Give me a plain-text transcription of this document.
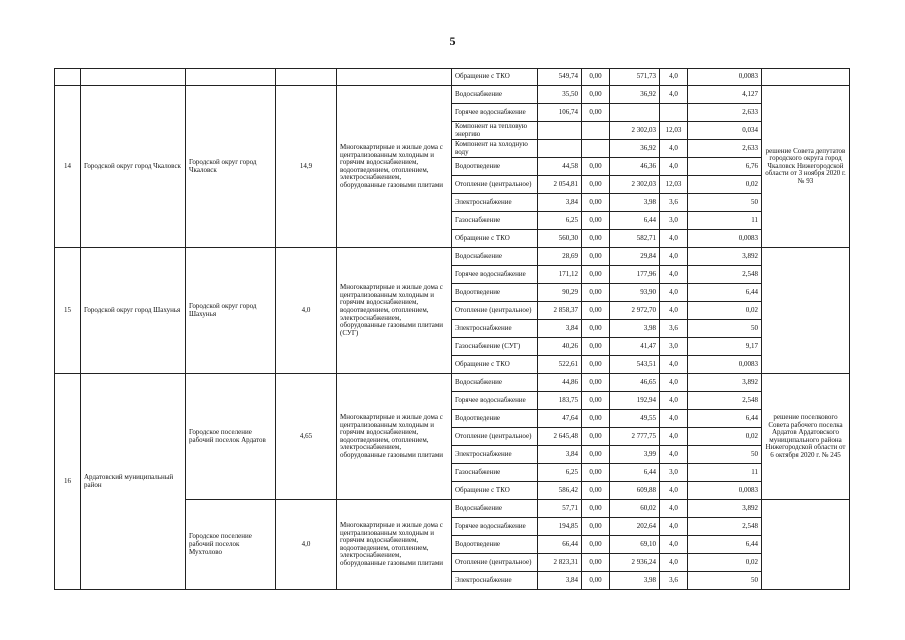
5
					Обращение с ТКО	549,74	0,00	571,73	4,0	0,0083	
14	Городской округ город Чкаловск	Городской округ город Чкаловск	14,9	Многоквартирные и жилые дома с централизованным холодным и горячим водоснабжением, водоотведением, отоплением, электроснабжением, оборудованные газовыми плитами	Водоснабжение	35,50	0,00	36,92	4,0	4,127	решение Совета депутатов городского округа город Чкаловск Нижегородской области от 3 ноября 2020 г. № 93
					Горячее водоснабжение	106,74	0,00			2,633	
					Компонент на тепловую энергию			2 302,03	12,03	0,034	
					Компонент на холодную воду			36,92	4,0	2,633	
					Водоотведение	44,58	0,00	46,36	4,0	6,76	
					Отопление (центральное)	2 054,81	0,00	2 302,03	12,03	0,02	
					Электроснабжение	3,84	0,00	3,98	3,6	50	
					Газоснабжение	6,25	0,00	6,44	3,0	11	
					Обращение с ТКО	560,30	0,00	582,71	4,0	0,0083	
15	Городской округ город Шахунья	Городской округ город Шахунья	4,0	Многоквартирные и жилые дома с централизованным холодным и горячим водоснабжением, водоотведением, отоплением, электроснабжением, оборудованные газовыми плитами (СУГ)	Водоснабжение	28,69	0,00	29,84	4,0	3,892	
					Горячее водоснабжение	171,12	0,00	177,96	4,0	2,548	
					Водоотведение	90,29	0,00	93,90	4,0	6,44	
					Отопление (центральное)	2 858,37	0,00	2 972,70	4,0	0,02	
					Электроснабжение	3,84	0,00	3,98	3,6	50	
					Газоснабжение (СУГ)	40,26	0,00	41,47	3,0	9,17	
					Обращение с ТКО	522,61	0,00	543,51	4,0	0,0083	
16	Ардатовский муниципальный район	Городское поселение рабочий поселок Ардатов	4,65	Многоквартирные и жилые дома с централизованным холодным и горячим водоснабжением, водоотведением, отоплением, электроснабжением, оборудованные газовыми плитами	Водоснабжение	44,86	0,00	46,65	4,0	3,892	решение поселкового Совета рабочего поселка Ардатов Ардатовского муниципального района Нижегородской области от 6 октября 2020 г. № 245
					Горячее водоснабжение	183,75	0,00	192,94	4,0	2,548	
					Водоотведение	47,64	0,00	49,55	4,0	6,44	
					Отопление (центральное)	2 645,48	0,00	2 777,75	4,0	0,02	
					Электроснабжение	3,84	0,00	3,99	4,0	50	
					Газоснабжение	6,25	0,00	6,44	3,0	11	
					Обращение с ТКО	586,42	0,00	609,88	4,0	0,0083	
		Городское поселение рабочий поселок Мухтолово	4,0	Многоквартирные и жилые дома с централизованным холодным и горячим водоснабжением, водоотведением, отоплением, электроснабжением, оборудованные газовыми плитами	Водоснабжение	57,71	0,00	60,02	4,0	3,892	
					Горячее водоснабжение	194,85	0,00	202,64	4,0	2,548	
					Водоотведение	66,44	0,00	69,10	4,0	6,44	
					Отопление (центральное)	2 823,31	0,00	2 936,24	4,0	0,02	
					Электроснабжение	3,84	0,00	3,98	3,6	50	
